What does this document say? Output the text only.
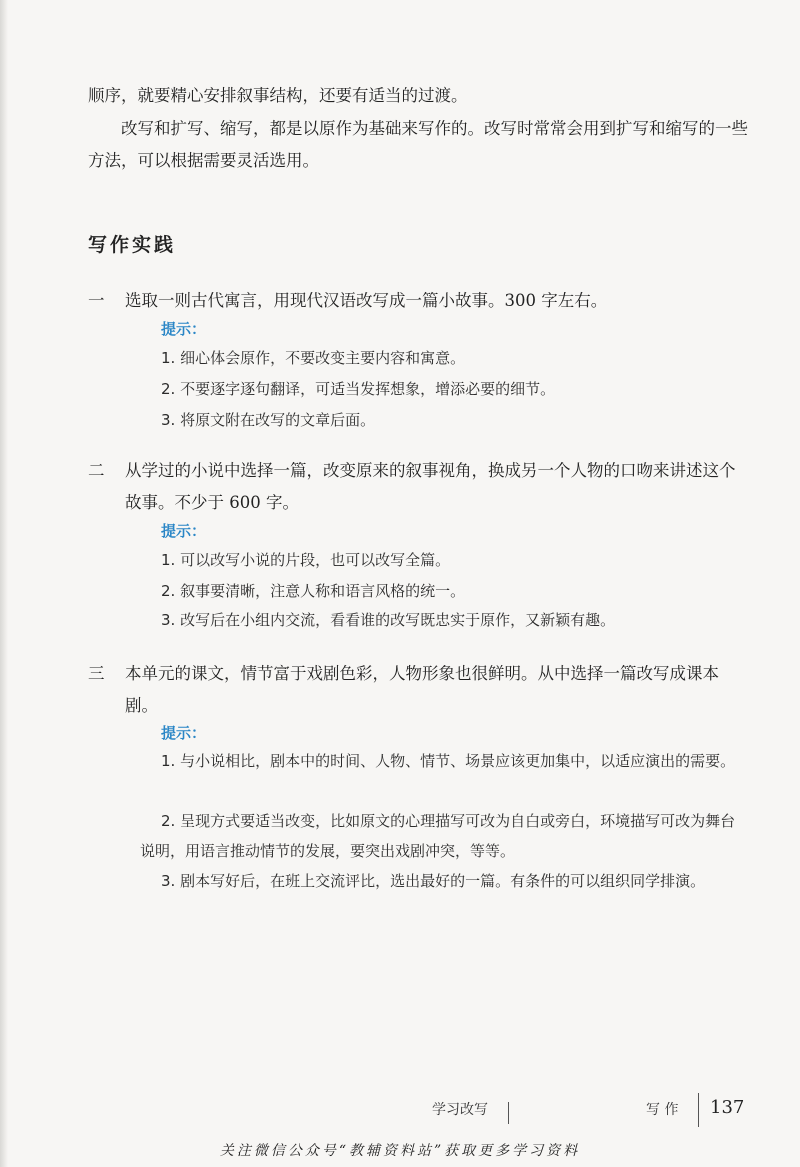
顺序，就要精心安排叙事结构，还要有适当的过渡。

改写和扩写、缩写，都是以原作为基础来写作的。改写时常常会用到扩写和缩写的一些方法，可以根据需要灵活选用。

写作实践
一	选取一则古代寓言，用现代汉语改写成一篇小故事。300 字左右。
提示：

1. 细心体会原作，不要改变主要内容和寓意。

2. 不要逐字逐句翻译，可适当发挥想象，增添必要的细节。

3. 将原文附在改写的文章后面。

二	从学过的小说中选择一篇，改变原来的叙事视角，换成另一个人物的口吻来讲述这个故事。不少于 600 字。
提示：

1. 可以改写小说的片段，也可以改写全篇。

2. 叙事要清晰，注意人称和语言风格的统一。

3. 改写后在小组内交流，看看谁的改写既忠实于原作，又新颖有趣。

三	本单元的课文，情节富于戏剧色彩，人物形象也很鲜明。从中选择一篇改写成课本剧。
提示：

1. 与小说相比，剧本中的时间、人物、情节、场景应该更加集中，以适应演出的需要。

2. 呈现方式要适当改变，比如原文的心理描写可改为自白或旁白，环境描写可改为舞台说明，用语言推动情节的发展，要突出戏剧冲突，等等。

3. 剧本写好后，在班上交流评比，选出最好的一篇。有条件的可以组织同学排演。

学习改写	写 作 137
关注微信公众号“教辅资料站”获取更多学习资料
